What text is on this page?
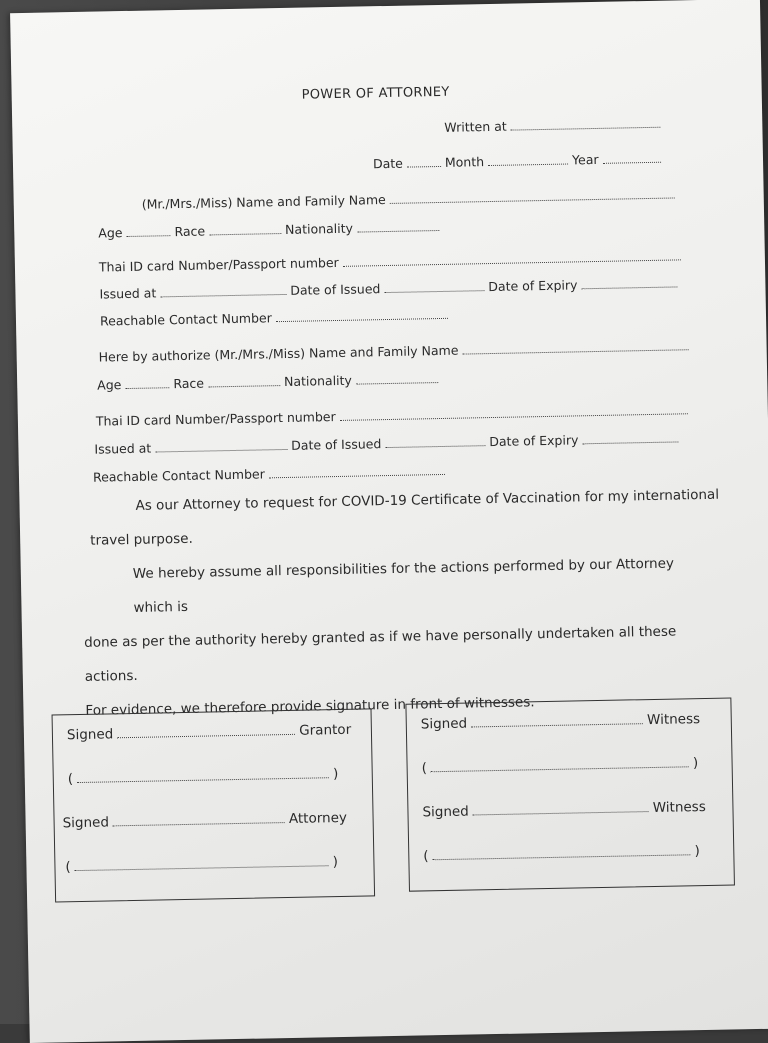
POWER OF ATTORNEY
Written at
Date	Month	Year
(Mr./Mrs./Miss) Name and Family Name
Age	Race	Nationality
Thai ID card Number/Passport number
Issued at	Date of Issued	Date of Expiry
Reachable Contact Number
Here by authorize (Mr./Mrs./Miss) Name and Family Name
Age	Race	Nationality
Thai ID card Number/Passport number
Issued at	Date of Issued	Date of Expiry
Reachable Contact Number
As our Attorney to request for COVID-19 Certificate of Vaccination for my international
travel purpose.
We hereby assume all responsibilities for the actions performed by our Attorney which is
done as per the authority hereby granted as if we have personally undertaken all these actions.
For evidence, we therefore provide signature in front of witnesses.
Signed	Grantor
(	)
Signed	Attorney
(	)
Signed	Witness
(	)
Signed	Witness
(	)
